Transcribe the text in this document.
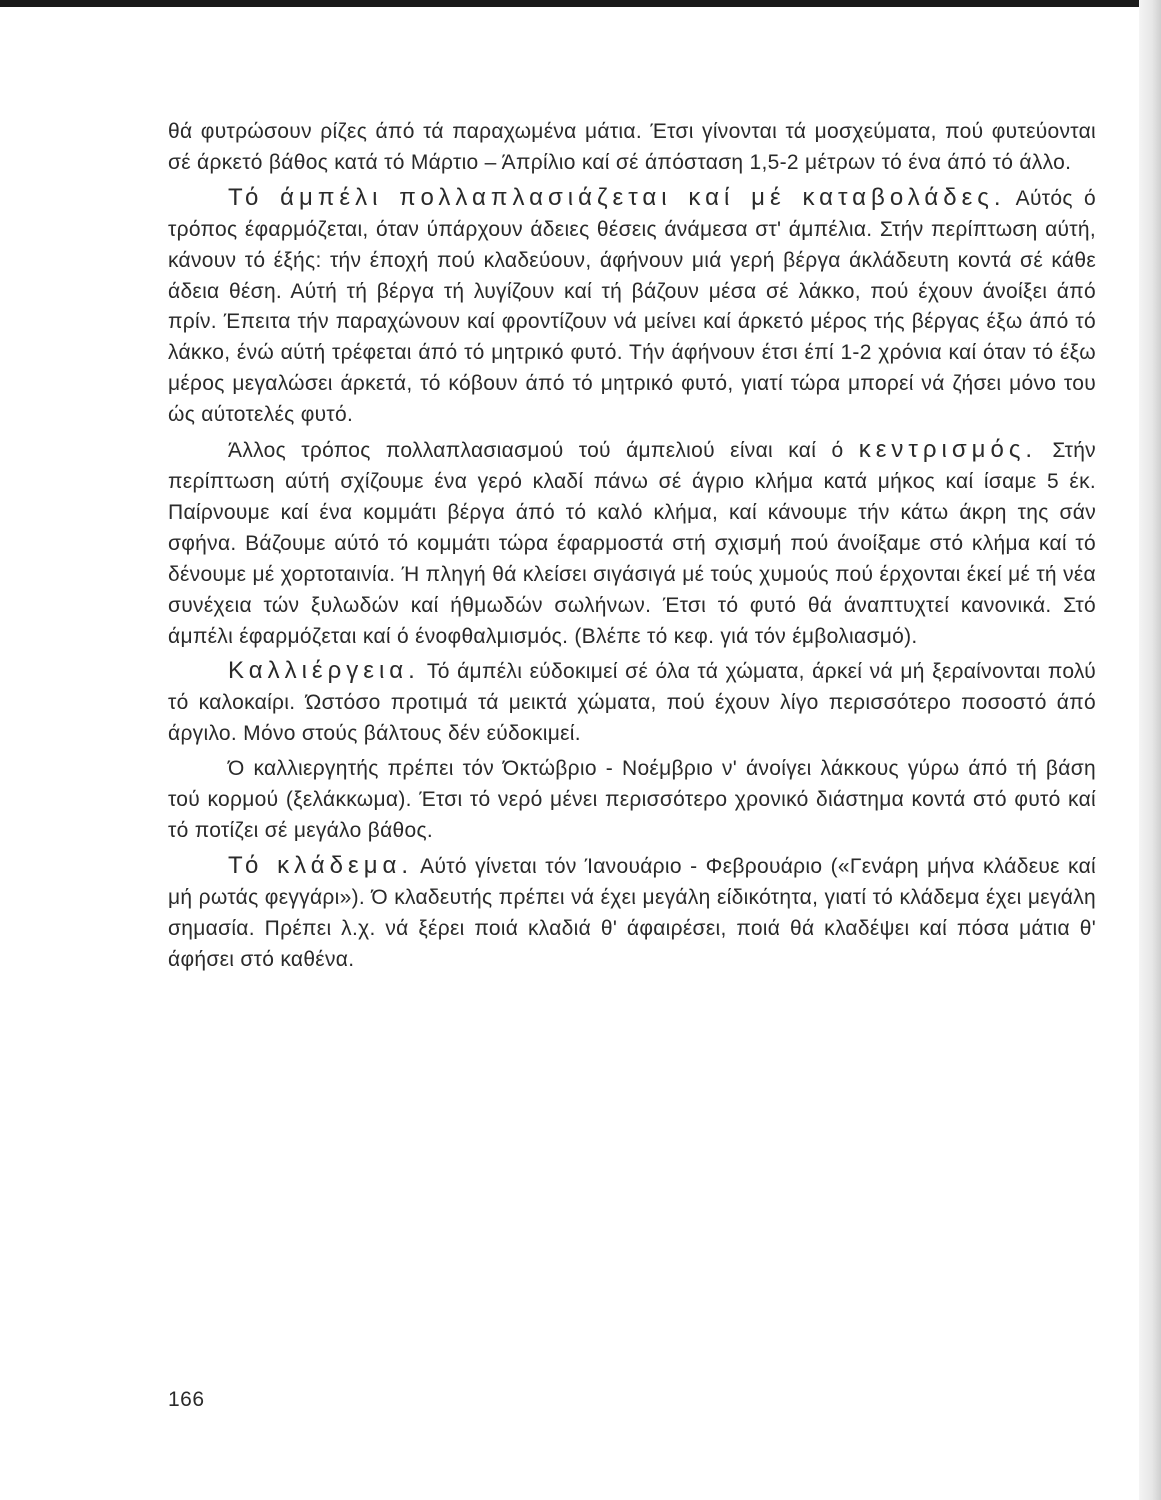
θά φυτρώσουν ρίζες άπό τά παραχωμένα μάτια. Έτσι γίνονται τά μοσχεύματα, πού φυτεύονται σέ άρκετό βάθος κατά τό Μάρτιο – Άπρίλιο καί σέ άπόσταση 1,5-2 μέτρων τό ένα άπό τό άλλο.

Τό άμπέλι πολλαπλασιάζεται καί μέ καταβολάδες. Αύτός ό τρόπος έφαρμόζεται, όταν ύπάρχουν άδειες θέσεις άνάμεσα στ' άμπέλια. Στήν περίπτωση αύτή, κάνουν τό έξής: τήν έποχή πού κλαδεύουν, άφήνουν μιά γερή βέργα άκλάδευτη κοντά σέ κάθε άδεια θέση. Αύτή τή βέργα τή λυγίζουν καί τή βάζουν μέσα σέ λάκκο, πού έχουν άνοίξει άπό πρίν. Έπειτα τήν παραχώνουν καί φροντίζουν νά μείνει καί άρκετό μέρος τής βέργας έξω άπό τό λάκκο, ένώ αύτή τρέφεται άπό τό μητρικό φυτό. Τήν άφήνουν έτσι έπί 1-2 χρόνια καί όταν τό έξω μέρος μεγαλώσει άρκετά, τό κόβουν άπό τό μητρικό φυτό, γιατί τώρα μπορεί νά ζήσει μόνο του ώς αύτοτελές φυτό.

Άλλος τρόπος πολλαπλασιασμού τού άμπελιού είναι καί ό κεντρισμός. Στήν περίπτωση αύτή σχίζουμε ένα γερό κλαδί πάνω σέ άγριο κλήμα κατά μήκος καί ίσαμε 5 έκ. Παίρνουμε καί ένα κομμάτι βέργα άπό τό καλό κλήμα, καί κάνουμε τήν κάτω άκρη της σάν σφήνα. Βάζουμε αύτό τό κομμάτι τώρα έφαρμοστά στή σχισμή πού άνοίξαμε στό κλήμα καί τό δένουμε μέ χορτοταινία. Ή πληγή θά κλείσει σιγάσιγά μέ τούς χυμούς πού έρχονται έκεί μέ τή νέα συνέχεια τών ξυλωδών καί ήθμωδών σωλήνων. Έτσι τό φυτό θά άναπτυχτεί κανονικά. Στό άμπέλι έφαρμόζεται καί ό ένοφθαλμισμός. (Βλέπε τό κεφ. γιά τόν έμβολιασμό).

Καλλιέργεια. Τό άμπέλι εύδοκιμεί σέ όλα τά χώματα, άρκεί νά μή ξεραίνονται πολύ τό καλοκαίρι. Ώστόσο προτιμά τά μεικτά χώματα, πού έχουν λίγο περισσότερο ποσοστό άπό άργιλο. Μόνο στούς βάλτους δέν εύδοκιμεί.

Ό καλλιεργητής πρέπει τόν Όκτώβριο - Νοέμβριο ν' άνοίγει λάκκους γύρω άπό τή βάση τού κορμού (ξελάκκωμα). Έτσι τό νερό μένει περισσότερο χρονικό διάστημα κοντά στό φυτό καί τό ποτίζει σέ μεγάλο βάθος.

Τό κλάδεμα. Αύτό γίνεται τόν Ίανουάριο - Φεβρουάριο («Γενάρη μήνα κλάδευε καί μή ρωτάς φεγγάρι»). Ό κλαδευτής πρέπει νά έχει μεγάλη είδικότητα, γιατί τό κλάδεμα έχει μεγάλη σημασία. Πρέπει λ.χ. νά ξέρει ποιά κλαδιά θ' άφαιρέσει, ποιά θά κλαδέψει καί πόσα μάτια θ' άφήσει στό καθένα.

166
